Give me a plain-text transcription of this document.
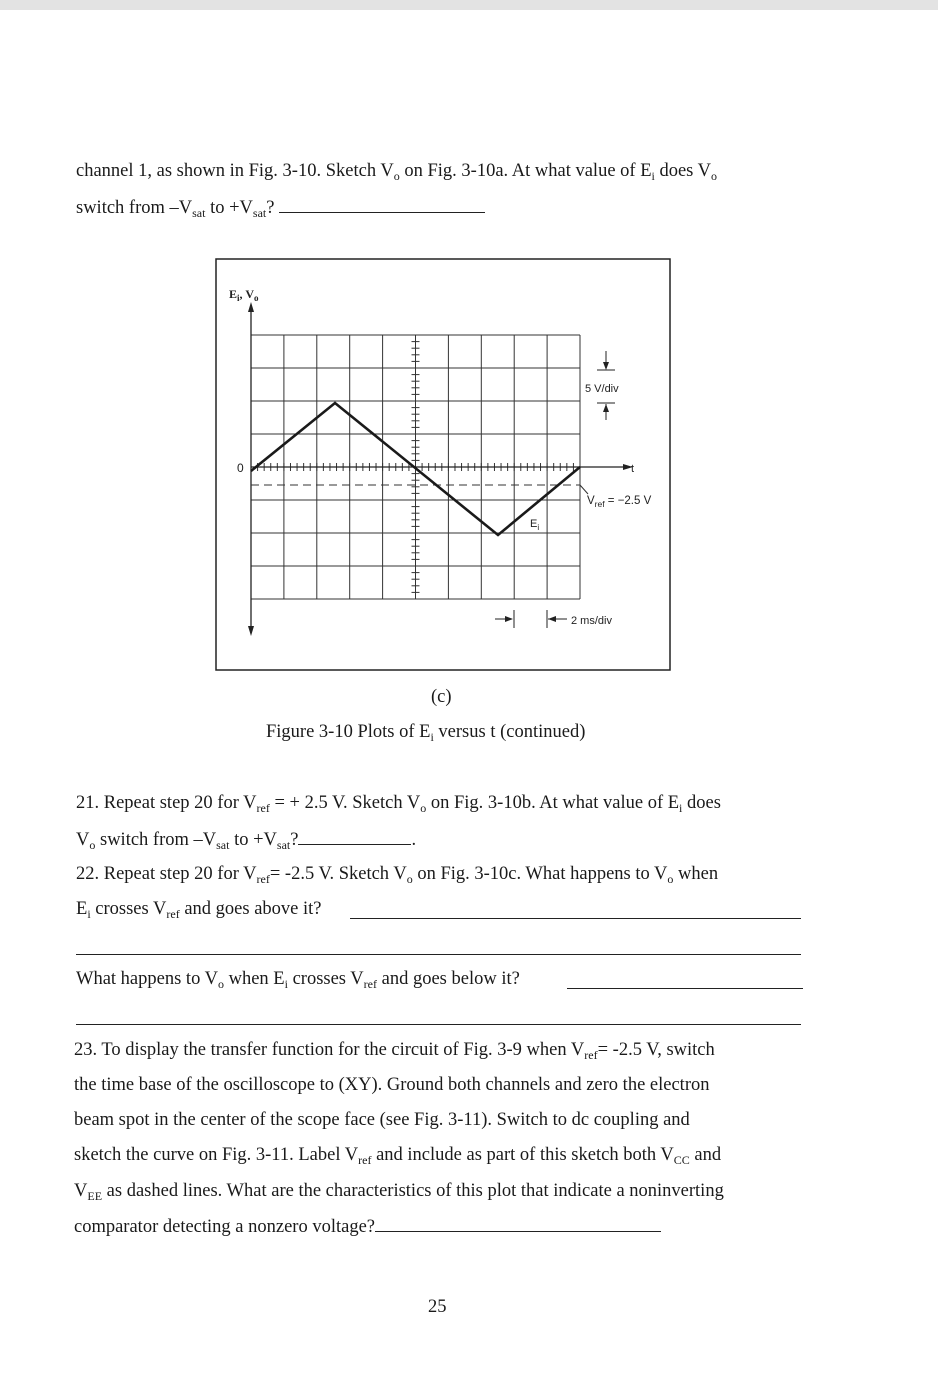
channel 1, as shown in Fig. 3-10. Sketch $V_o$ on Fig. 3-10a. At what value of $E_i$ does $V_o$
switch from $-V_{sat}$ to $+V_{sat}$?
$E_i$, $V_o$
0	t
5 V/div
$V_{ref} = -2.5$ V
$E_i$
2 ms/div
(c)
Figure 3-10 Plots of $E_i$ versus t (continued)
21. Repeat step 20 for $V_{ref}$ = + 2.5 V. Sketch $V_o$ on Fig. 3-10b. At what value of $E_i$ does
$V_o$ switch from $-V_{sat}$ to $+V_{sat}$?	.
22. Repeat step 20 for $V_{ref}= -2.5$ V. Sketch $V_o$ on Fig. 3-10c. What happens to $V_o$ when
$E_i$ crosses $V_{ref}$ and goes above it?
What happens to $V_o$ when $E_i$ crosses $V_{ref}$ and goes below it?
23. To display the transfer function for the circuit of Fig. 3-9 when $V_{ref}= -2.5$ V, switch
the time base of the oscilloscope to (XY). Ground both channels and zero the electron
beam spot in the center of the scope face (see Fig. 3-11). Switch to dc coupling and
sketch the curve on Fig. 3-11. Label $V_{ref}$ and include as part of this sketch both $V_{CC}$ and
$V_{EE}$ as dashed lines. What are the characteristics of this plot that indicate a noninverting
comparator detecting a nonzero voltage?
25
